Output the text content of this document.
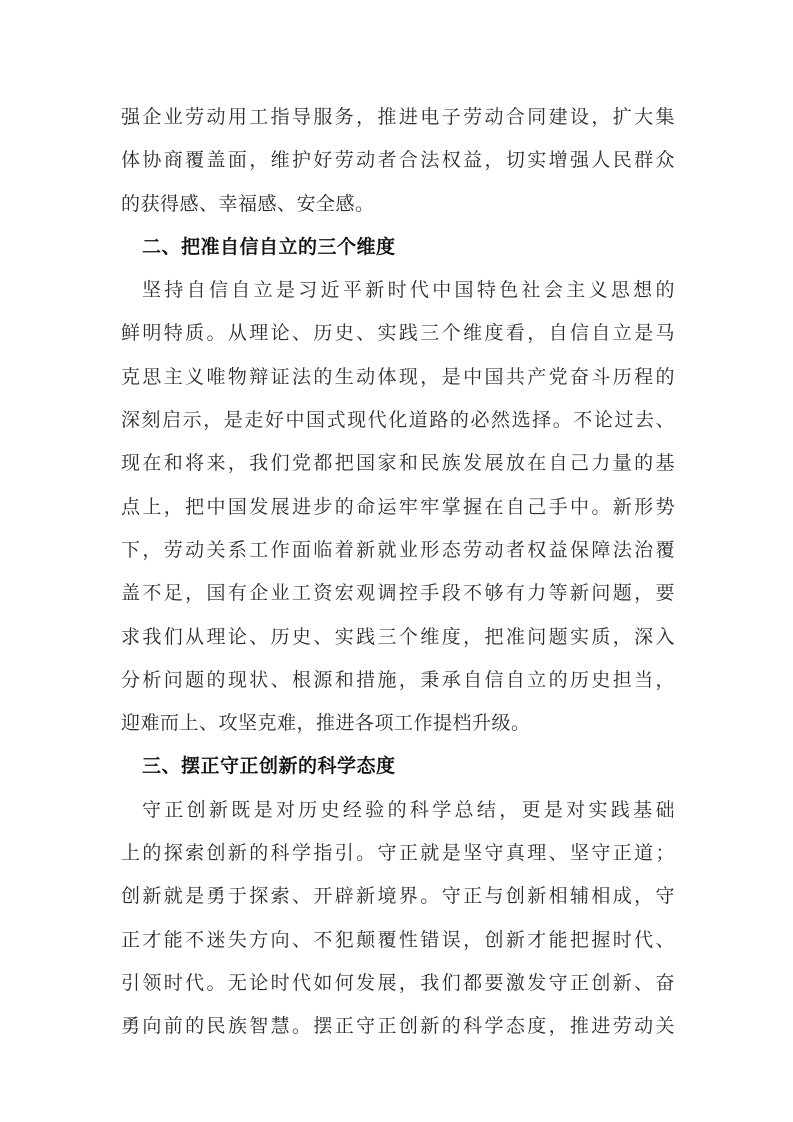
强企业劳动用工指导服务，推进电子劳动合同建设，扩大集
体协商覆盖面，维护好劳动者合法权益，切实增强人民群众
的获得感、幸福感、安全感。
二、把准自信自立的三个维度
坚持自信自立是习近平新时代中国特色社会主义思想的
鲜明特质。从理论、历史、实践三个维度看，自信自立是马
克思主义唯物辩证法的生动体现，是中国共产党奋斗历程的
深刻启示，是走好中国式现代化道路的必然选择。不论过去、
现在和将来，我们党都把国家和民族发展放在自己力量的基
点上，把中国发展进步的命运牢牢掌握在自己手中。新形势
下，劳动关系工作面临着新就业形态劳动者权益保障法治覆
盖不足，国有企业工资宏观调控手段不够有力等新问题，要
求我们从理论、历史、实践三个维度，把准问题实质，深入
分析问题的现状、根源和措施，秉承自信自立的历史担当，
迎难而上、攻坚克难，推进各项工作提档升级。
三、摆正守正创新的科学态度
守正创新既是对历史经验的科学总结，更是对实践基础
上的探索创新的科学指引。守正就是坚守真理、坚守正道；
创新就是勇于探索、开辟新境界。守正与创新相辅相成，守
正才能不迷失方向、不犯颠覆性错误，创新才能把握时代、
引领时代。无论时代如何发展，我们都要激发守正创新、奋
勇向前的民族智慧。摆正守正创新的科学态度，推进劳动关
